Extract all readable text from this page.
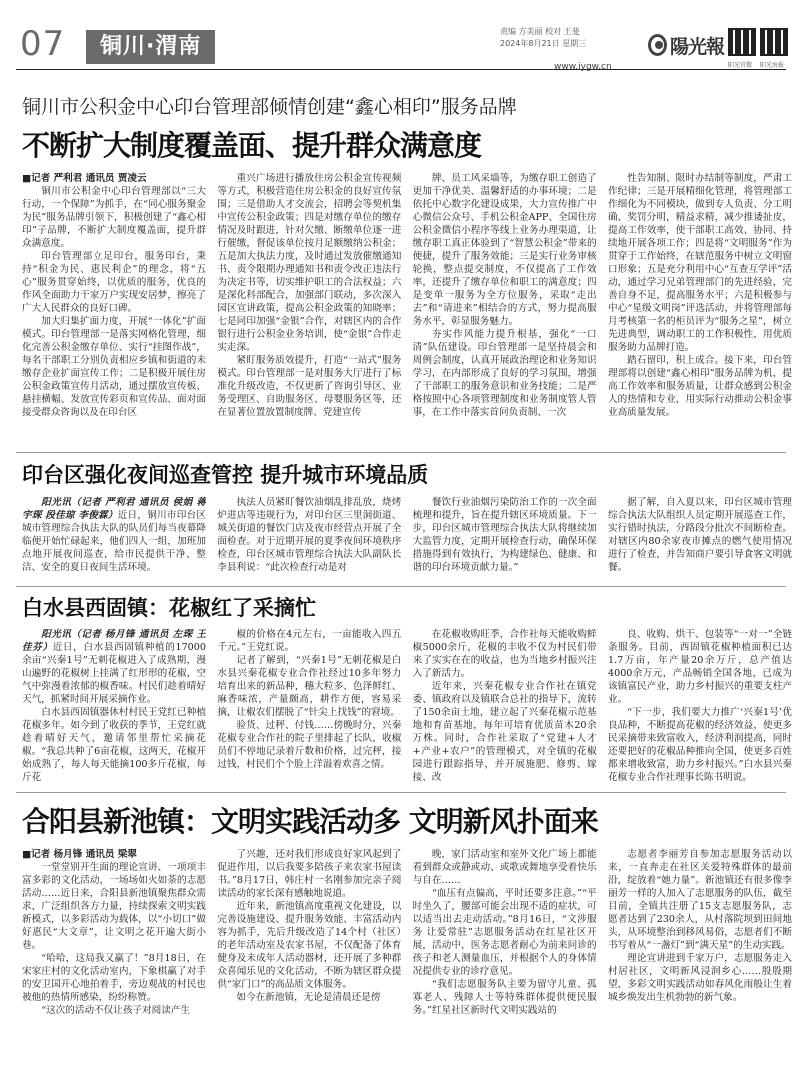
07	铜川·渭南
责编 方美丽 校对 王斐
2024年8月21日 星期三
www.iygw.cn
陽光報
阳光官微 阳光海报
铜川市公积金中心印台管理部倾情创建“鑫心相印”服务品牌
不断扩大制度覆盖面、提升群众满意度
■记者 严利君 通讯员 贾凌云

铜川市公积金中心印台管理部以“三大行动，一个保障”为抓手，在“同心服务聚金为民”服务品牌引领下，积极创建了“鑫心相印”子品牌，不断扩大制度覆盖面，提升群众满意度。

印台管理部立足印台，服务印台，秉持“积金为民、惠民利企”的理念，将“五心”服务贯穿始终，以优质的服务，优良的作风全面助力干家万户实现安居梦，擦亮了广大人民群众的良好口碑。

加大归集扩面力度，开展“一体化”扩面模式。印台管理部一是落实网格化管理，细化完善公积金缴存单位、实行“挂图作战”，每名干部职工分别负责相应乡镇和街道的未缴存企业扩面宣传工作；二是积极开展住房公积金政策宣传月活动，通过摆放宣传板、悬挂横幅、发放宣传彩页和宣传品、面对面接受群众咨询以及在印台区

重兴广场进行播放住房公积金宣传视频等方式，积极营造住房公积金的良好宣传氛围；三是借助人才交流会，招聘会等契机集中宣传公积金政策；四是对缴存单位的缴存情况及时跟进，针对欠缴、断缴单位逐一进行催缴，督促该单位按月足额缴纳公积金；五是加大执法力度，及时通过发放催缴通知书、责令限期办理通知书和责令改正违法行为决定书等，切实维护职工的合法权益；六是深化科部配合，加强部门联动，多次深入园区宣讲政策，提高公积金政策的知晓率；七是同印加强“金银”合作，对辖区内的合作银行进行公积金业务培训，使“金银”合作走实走深。

紧盯服务质效提升，打造“一站式”服务模式。印台管理部一是对服务大厅进行了标准化升级改造，不仅更新了咨询引导区、业务受理区、自助服务区、母婴服务区等，还在显著位置放置制度牌、党建宣传

牌、员工风采墙等，为缴存职工创造了更加干净优美、温馨舒适的办事环境；二是依托中心数字化建设成果，大力宣传推广中心微信公众号、手机公积金APP、全国住房公积金微信小程序等线上业务办理渠道，让缴存职工真正体验到了“智慧公积金”带来的便捷，提升了服务效能；三是实行业务审核轮换，整点提交制度，不仅提高了工作效率，还提升了缴存单位和职工的满意度；四是变单一服务为全方位服务，采取“走出去”和“请进来”相结合的方式，努力提高服务水平，彰显服务魅力。

夯实作风能力提升根基，强化“一口清”队伍建设。印台管理部一是坚持晨会和周例会制度，认真开展政治理论和业务知识学习，在内部形成了良好的学习氛围，增强了干部职工的服务意识和业务技能；二是严格按照中心各项管理制度和业务制度管人管事，在工作中落实首问负责制、一次

性告知制、限时办结制等制度，严肃工作纪律；三是开展精细化管理，将管理部工作细化为不同模块，做到专人负责、分工明确、奖罚分明，精益求精，减少推诿扯皮，提高工作效率，使干部职工高效、协同、持续地开展各项工作；四是将“文明服务”作为贯穿于工作始终，在辖范服务中树立文明窗口形象；五是充分利用中心“互查互学评”活动，通过学习兄弟管理部门的先进经验，完善自身不足，提高服务水平；六是积极参与中心“星级文明岗”评选活动，并将管理部每月考核第一名的柜员评为“服务之星”，树立先进典型，调动职工的工作积极性，用优质服务助力品牌打造。

踏石留印，积上成合。接下来，印台管理部将以创建“鑫心相印”服务品牌为机，提高工作效率和服务质量，让群众感到公积金人的热情和专业，用实际行动推动公积金事业高质量发展。

印台区强化夜间巡查管控 提升城市环境品质

阳光讯（记者 严利君 通讯员 侯娟 蒋宇琛 段佳琼 李俊霖）近日，铜川市印台区城市管理综合执法大队的队员们每当夜幕降临便开始忙碌起来，他们四人一组，加班加点地开展夜间巡查，给市民提供干净、整洁、安全的夏日夜间生活环境。

执法人员紧盯餐饮油烟乱排乱放，烧烤炉进店等违规行为，对印台区三里洞街道、城关街道的餐饮门店及夜市经营点开展了全面检查。对于近期开展的夏季夜间环境秩序检查，印台区城市管理综合执法大队副队长李县利说：“此次检查行动是对

餐饮行业油烟污染防治工作的一次全面梳理和提升，旨在提升辖区环境质量。下一步，印台区城市管理综合执法大队将继续加大监管力度，定期开展检查行动，确保环保措施得到有效执行，为构建绿色、健康、和谐的印台环境贡献力量。”

据了解，自入夏以来，印台区城市管理综合执法大队组织人员定期开展巡查工作，实行错时执法，分路段分批次不间断检查。对辖区内80余家夜市摊点的燃气使用情况进行了检查，并告知商户要引导食客文明就餐。

白水县西固镇：花椒红了采摘忙

阳光讯（记者 杨月锋 通讯员 左琛 王佳芬）近日，白水县西固镇种植的17000余亩“兴秦1号”无刺花椒进入了成熟期，漫山遍野的花椒树上挂满了红形形的花椒，空气中弥漫着浓郁的椒香味。村民们趁着晴好天气，抓紧时间开展采摘作业。

白水县西固镇器休村村民王党红已种植花椒多年。如今到了收获的季节，王党红就趁着晴好天气，邀请邻里帮忙采摘花椒。“我总共种了6亩花椒，这两天，花椒开始成熟了，每人每天能摘100多斤花椒，每斤花

椒的价格在4元左右，一亩能收入四五千元。”王党红说。

记者了解到，“兴秦1号”无刺花椒是白水县兴秦花椒专业合作社经过10多年努力培育出来的新品种，穗大粒多、色泽鲜红、麻香味浓，产量颇高，耕作方便，容易采摘，让椒农们摆脱了“针尖上找钱”的窘境。

验货、过秤、付钱……傍晚时分，兴秦花椒专业合作社的院子里排起了长队，收椒员们不停地记录着斤数和价格，过完秤，接过钱，村民们个个脸上洋溢着欢喜之情。

在花椒收购旺季，合作社每天能收购鲜椒5000余斤，花椒的丰收不仅为村民们带来了实实在在的收益，也为当地乡村振兴注入了新活力。

近年来，兴秦花椒专业合作社在镇党委、镇政府以及镇联合总社的指导下，流转了150余亩土地，建立起了兴秦花椒示范基地和育苗基地，每年可培育优质苗木20余万株。同时，合作社采取了“党建+人才+产业+农户”的管理模式，对全镇的花椒园进行跟踪指导，并开展施肥、修剪、嫁接、改

良、收购、烘干、包装等“一对一”全链条服务。目前，西固镇花椒种植面积已达1.7万亩，年产量20余万斤，总产值达4000余万元，产品畅销全国各地，已成为该镇富民产业，助力乡村振兴的重要支柱产业。

“下一步，我们要大力推广‘兴秦1号’优良品种，不断提高花椒的经济效益，使更多民采摘带来致富收入，经济利润提高，同时还要把好的花椒品种推向全国，使更多百姓都来增收致富，助力乡村振兴。”白水县兴秦花椒专业合作社理事长陈书明说。

合阳县新池镇：文明实践活动多 文明新风扑面来
■记者 杨月锋 通讯员 梁翠

一堂堂别开生面的理论宣讲、一项项丰富多彩的文化活动，一场场如火如荼的志愿活动……近日来，合阳县新池镇聚焦群众需求，广泛组织各方力量，持续探索文明实践新模式，以多彩活动为载体，以“小切口”做好惠民“大文章”，让文明之花开遍大街小巷。

“哈哈，这局我又赢了！”8月18日，在宋家庄村的文化活动室内，下象棋赢了对手的安卫国开心地拍着手，旁边观战的村民也被他的热情所感染，纷纷称赞。

“这次的活动不仅让孩子对阅读产生

了兴趣，还对我们形成良好家风起到了促进作用，以后我要多陪孩子来农家书屋读书。”8月17日，韩庄村一名刚参加完亲子阅读活动的家长深有感触地说道。

近年来，新池镇高度重视文化建设，以完善设施建设、提升服务效能、丰富活动内容为抓手，先后升级改造了14个村（社区）的老年活动室及农家书屋，不仅配备了体育健身及未成年人活动器材，还开展了多种群众喜闻乐见的文化活动，不断为辖区群众提供“家门口”的高品质文体服务。

如今在新池镇，无论是清晨还是傍

晚，家门活动室和室外文化广场上都能看到群众或静或动、或歌或舞地享受着快乐与自在……

“血压有点偏高，平时还要多注意。”“平时坐久了，腰部可能会出现不适的症状，可以适当出去走动活动。”8月16日，“文涉服务 让爱常驻”志愿服务活动在红星社区开展，活动中，医务志愿者耐心为前来问诊的孩子和老人测量血压，并根据个人的身体情况提供专业的诊疗意见。

“我们志愿服务队主要为留守儿童、孤寡老人、残障人士等特殊群体提供便民服务。”红星社区新时代文明实践站的

志愿者李丽芳自参加志愿服务活动以来，一直奔走在社区关爱特殊群体的最前沿，绽放着“她力量”。新池镇还有很多像李丽芳一样的人加入了志愿服务的队伍，截至目前，全镇共注册了15支志愿服务队，志愿者达到了230余人，从村落院坝到田间地头，从环境整治到移风易俗，志愿者们不断书写着从“一盏灯”到“满天星”的生动实践。

理论宣讲进到千家万户，志愿服务走入村居社区，文明新风浸润乡心……殷殷期望，多彩文明实践活动如春风化雨般让生着城乡焕发出生机勃勃的新气象。
